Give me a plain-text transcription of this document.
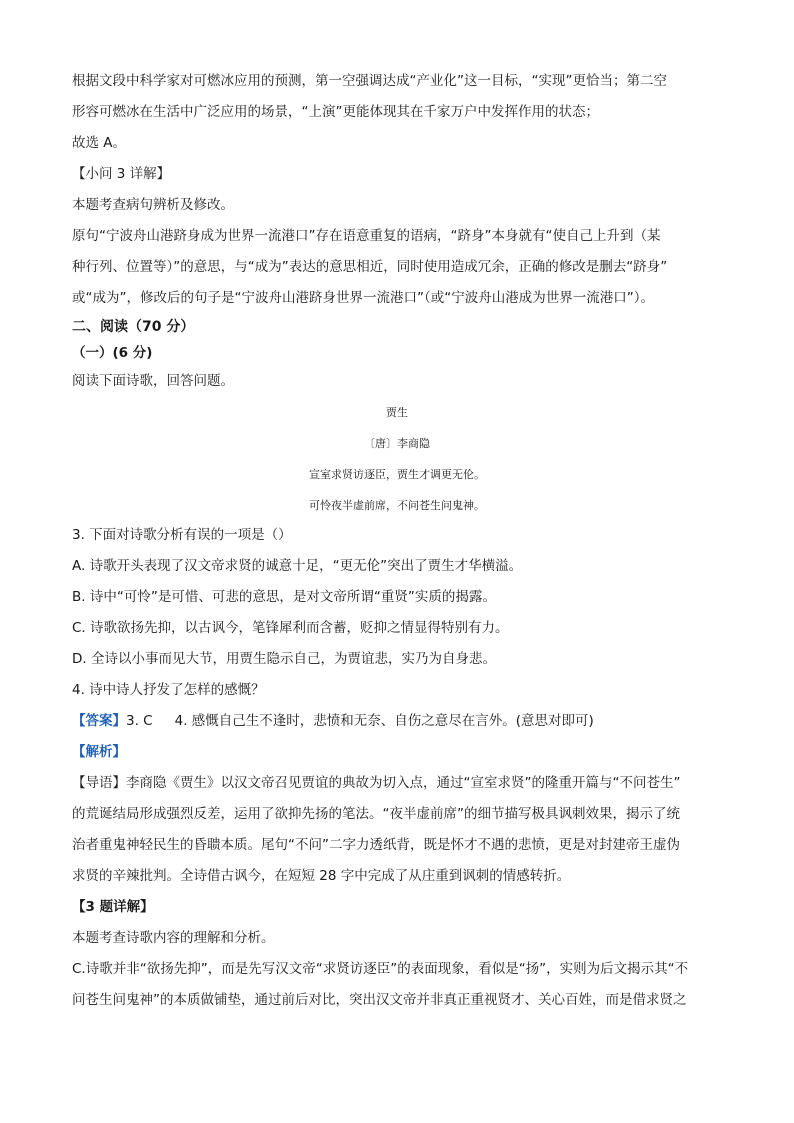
根据文段中科学家对可燃冰应用的预测，第一空强调达成“产业化”这一目标，“实现”更恰当；第二空

形容可燃冰在生活中广泛应用的场景，“上演”更能体现其在千家万户中发挥作用的状态；

故选 A。

【小问 3 详解】

本题考查病句辨析及修改。

原句“宁波舟山港跻身成为世界一流港口”存在语意重复的语病，“跻身”本身就有“使自己上升到（某

种行列、位置等）”的意思，与“成为”表达的意思相近，同时使用造成冗余，正确的修改是删去“跻身”

或“成为”，修改后的句子是“宁波舟山港跻身世界一流港口”（或“宁波舟山港成为世界一流港口”）。

二、阅读（70 分）

（一）(6 分)

阅读下面诗歌，回答问题。

贾生

〔唐〕李商隐

宣室求贤访逐臣，贾生才调更无伦。

可怜夜半虚前席，不问苍生问鬼神。

3. 下面对诗歌分析有误的一项是（）

A. 诗歌开头表现了汉文帝求贤的诚意十足，“更无伦”突出了贾生才华横溢。

B. 诗中“可怜”是可惜、可悲的意思，是对文帝所谓“重贤”实质的揭露。

C. 诗歌欲扬先抑，以古讽今，笔锋犀利而含蓄，贬抑之情显得特别有力。

D. 全诗以小事而见大节，用贾生隐示自己，为贾谊悲，实乃为自身悲。

4. 诗中诗人抒发了怎样的感慨？

【答案】3. C 4. 感慨自己生不逢时，悲愤和无奈、自伤之意尽在言外。(意思对即可)

【解析】

【导语】李商隐《贾生》以汉文帝召见贾谊的典故为切入点，通过“宣室求贤”的隆重开篇与“不问苍生”

的荒诞结局形成强烈反差，运用了欲抑先扬的笔法。“夜半虚前席”的细节描写极具讽刺效果，揭示了统

治者重鬼神轻民生的昏聩本质。尾句“不问”二字力透纸背，既是怀才不遇的悲愤，更是对封建帝王虚伪

求贤的辛辣批判。全诗借古讽今，在短短 28 字中完成了从庄重到讽刺的情感转折。

【3 题详解】

本题考查诗歌内容的理解和分析。

C.诗歌并非“欲扬先抑”，而是先写汉文帝“求贤访逐臣”的表面现象，看似是“扬”，实则为后文揭示其“不

问苍生问鬼神”的本质做铺垫，通过前后对比，突出汉文帝并非真正重视贤才、关心百姓，而是借求贤之
